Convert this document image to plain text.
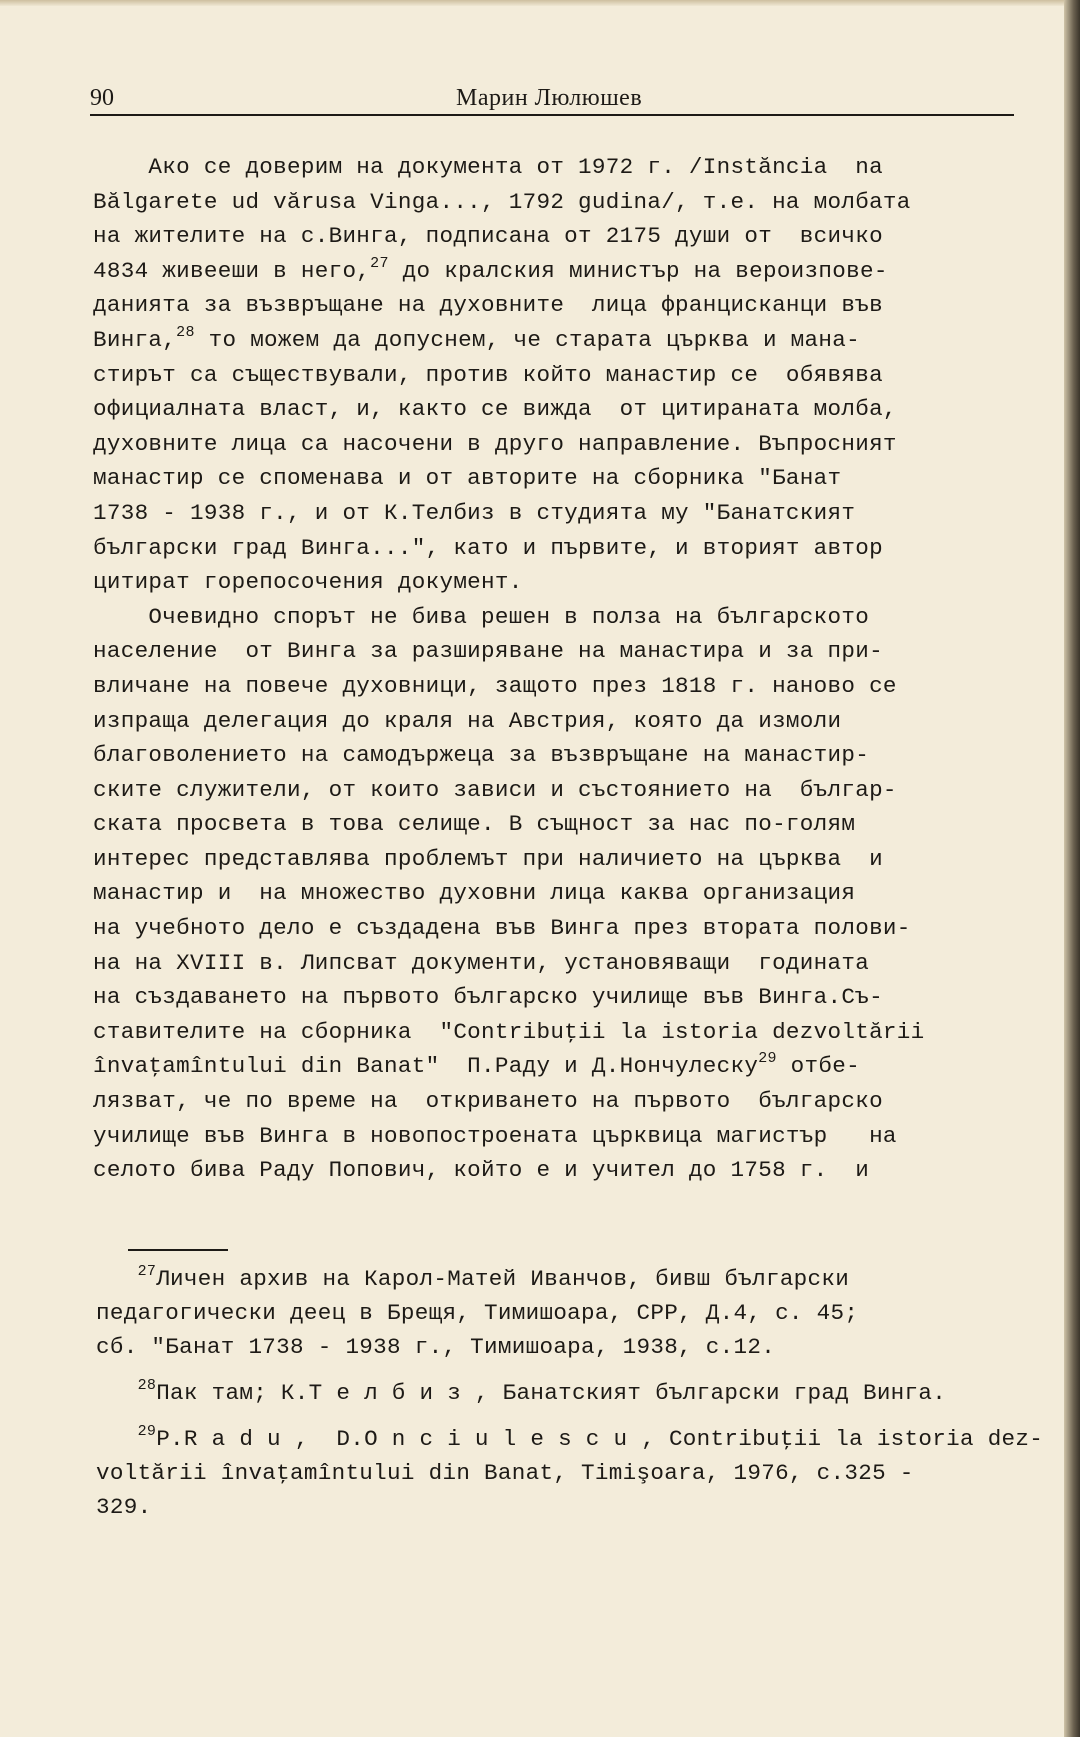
90	Марин Люлюшев
Ако се доверим на документа от 1972 г. /Instăncia  na
Bălgarete ud vărusa Vinga..., 1792 gudina/, т.е. на молбата
на жителите на с.Винга, подписана от 2175 души от  всичко
4834 живееши в него,$^{27}$ до кралския министър на вероизпове-
данията за възвръщане на духовните  лица францисканци във
Винга,$^{28}$ то можем да допуснем, че старата църква и мана-
стирът са съществували, против който манастир се  обявява
официалната власт, и, както се вижда  от цитираната молба,
духовните лица са насочени в друго направление. Въпросният
манастир се споменава и от авторите на сборника "Банат
1738 - 1938 г., и от К.Телбиз в студията му "Банатският
български град Винга...", като и първите, и вторият автор
цитират горепосочения документ.
Очевидно спорът не бива решен в полза на българското
население  от Винга за разширяване на манастира и за при-
вличане на повече духовници, защото през 1818 г. наново се
изпраща делегация до краля на Австрия, която да измоли
благоволението на самодържеца за възвръщане на манастир-
ските служители, от които зависи и състоянието на  българ-
ската просвета в това селище. В същност за нас по-голям
интерес представлява проблемът при наличието на църква  и
манастир и  на множество духовни лица каква организация
на учебното дело е създадена във Винга през втората полови-
на на XVIII в. Липсват документи, установяващи  годината
на създаването на първото българско училище във Винга.Съ-
ставителите на сборника  "Contribuţii la istoria dezvoltării
învaţamîntului din Banat"  П.Раду и Д.Нончулеску$^{29}$ отбе-
лязват, че по време на  откриването на първото  българско
училище във Винга в новопостроената църквица магистър   на
селото бива Раду Попович, който е и учител до 1758 г.  и
$^{27}$Личен архив на Карол-Матей Иванчов, бивш български
педагогически деец в Брещя, Тимишоара, СРР, Д.4, с. 45;
сб. "Банат 1738 - 1938 г., Тимишоара, 1938, с.12.
$^{28}$Пак там; К.Т е л б и з , Банатският български град Винга.
$^{29}$P.R a d u ,  D.O n c i u l e s c u , Contribuţii la istoria dez-
voltării învaţamîntului din Banat, Timişoara, 1976, с.325 -
329.
